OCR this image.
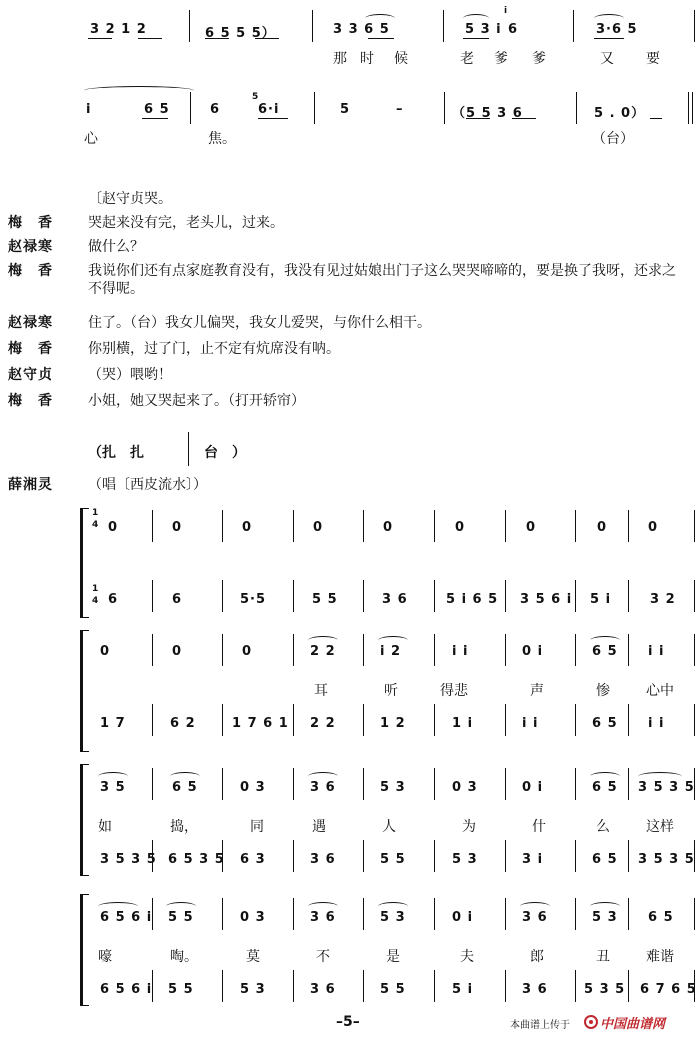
3 2 1 2	6 5 5 5）	3 3 6 5	5 3 i
i
6	3·6 5
那 时 候	老 爹 爹	又 要
i	6 5	6
5
6·i	5	–	（5 5 3 6	5 . 0）
心	焦。	（台）
〔赵守贞哭。
梅　香	哭起来没有完，老头儿，过来。
赵禄寒	做什么？
梅　香	我说你们还有点家庭教育没有，我没有见过姑娘出门子这么哭哭啼啼的，要是换了我呀，还求之不得呢。
赵禄寒	住了。（台）我女儿偏哭，我女儿爱哭，与你什么相干。
梅　香	你别横，过了门，止不定有炕席没有呐。
赵守贞	（哭）喂哟！
梅　香	小姐，她又哭起来了。（打开轿帘）
（扎　扎	台　）
薛湘灵	（唱〔西皮流水〕）
1
4
1
4
0	0	0	0	0	0	0	0	0
6	6	5·5	5 5	3 6	5 i 6 5 3 5 6 i 5 i	3 2
0	0	0	2 2	i 2	i i	0 i	6 5 i i
耳	听	得悲	声	惨	心中
1 7	6 2	1 7 6 1 2 2	1 2	1 i	i i	6 5 i i
3 5	6 5	0 3	3 6	5 3	0 3	0 i	6 5 3 5 3 5
如	捣，	同	遇	人	为	什	么	这样
3 5 3 5 6 5 3 5 6 3	3 6	5 5	5 3	3 i	6 5 3 5 3 5
6 5 6 i 5 5	0 3	3 6	5 3	0 i	3 6	5 3 6 5
嚎	啕。	莫	不	是	夫	郎	丑	难谐
6 5 6 i 5 5	5 3	3 6	5 5	5 i	3 6	5 3 5 6 7 6 5
–5–	本曲谱上传于 中国曲谱网
